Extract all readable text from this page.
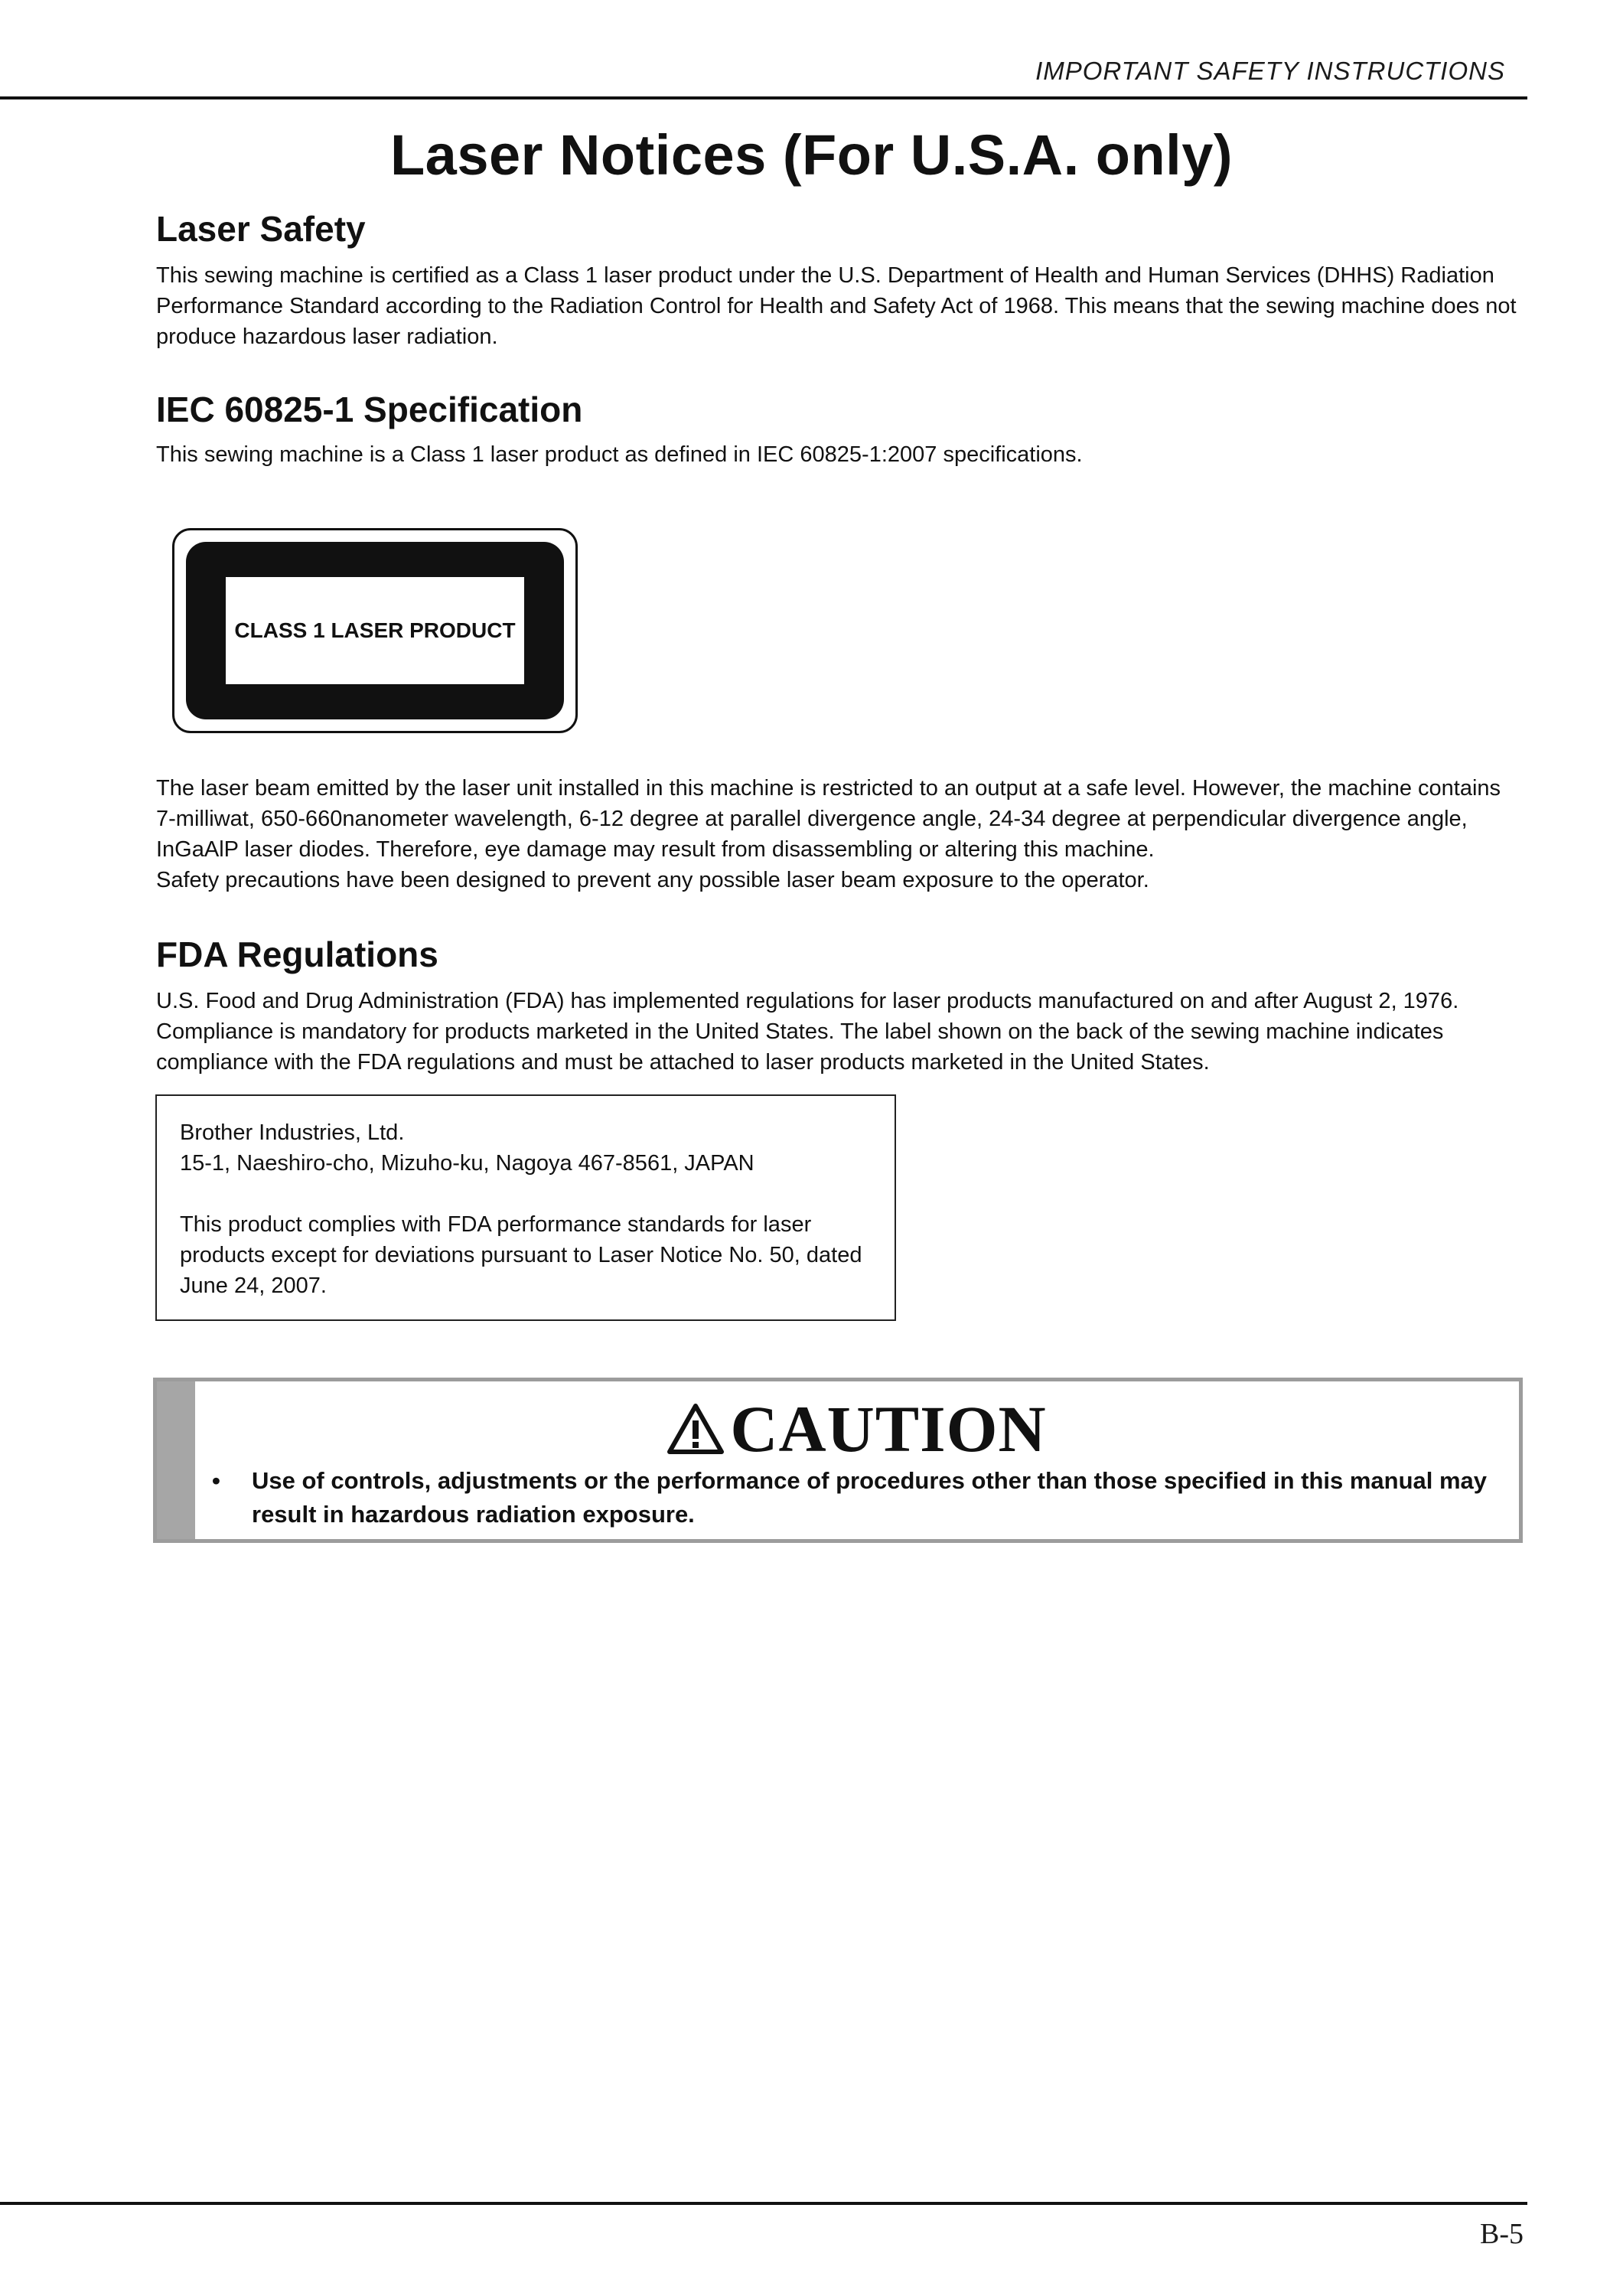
IMPORTANT SAFETY INSTRUCTIONS
Laser Notices (For U.S.A. only)
Laser Safety
This sewing machine is certified as a Class 1 laser product under the U.S. Department of Health and Human Services (DHHS) Radiation Performance Standard according to the Radiation Control for Health and Safety Act of 1968. This means that the sewing machine does not produce hazardous laser radiation.
IEC 60825-1 Specification
This sewing machine is a Class 1 laser product as defined in IEC 60825-1:2007 specifications.
CLASS 1 LASER PRODUCT

The laser beam emitted by the laser unit installed in this machine is restricted to an output at a safe level. However, the machine contains 7-milliwat, 650-660nanometer wavelength, 6-12 degree at parallel divergence angle, 24-34 degree at perpendicular divergence angle, InGaAlP laser diodes. Therefore, eye damage may result from disassembling or altering this machine.

Safety precautions have been designed to prevent any possible laser beam exposure to the operator.

FDA Regulations
U.S. Food and Drug Administration (FDA) has implemented regulations for laser products manufactured on and after August 2, 1976. Compliance is mandatory for products marketed in the United States. The label shown on the back of the sewing machine indicates compliance with the FDA regulations and must be attached to laser products marketed in the United States.

Brother Industries, Ltd.

15-1, Naeshiro-cho, Mizuho-ku, Nagoya 467-8561, JAPAN

This product complies with FDA performance standards for laser products except for deviations pursuant to Laser Notice No. 50, dated June 24, 2007.

CAUTION
•	Use of controls, adjustments or the performance of procedures other than those specified in this manual may result in hazardous radiation exposure.
B-5
